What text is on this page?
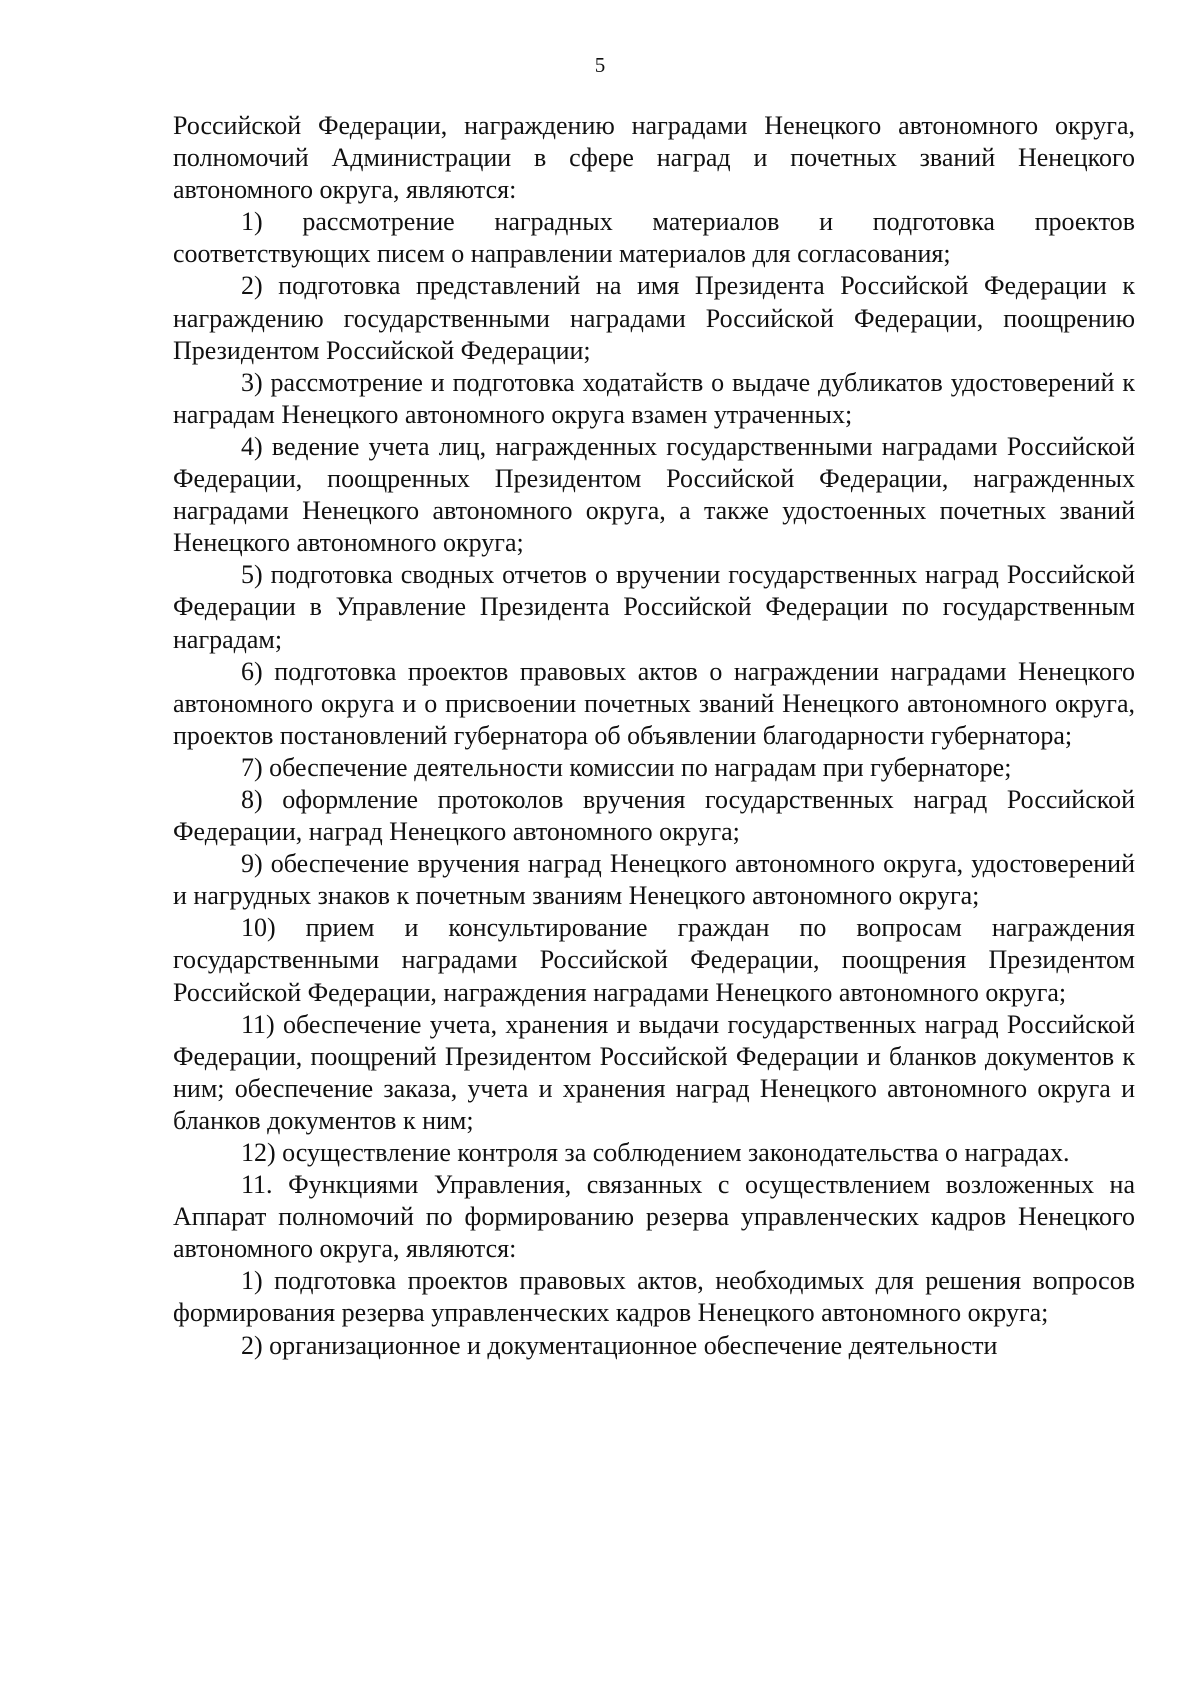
5

Российской Федерации, награждению наградами Ненецкого автономного округа, полномочий Администрации в сфере наград и почетных званий Ненецкого автономного округа, являются:

1) рассмотрение наградных материалов и подготовка проектов соответствующих писем о направлении материалов для согласования;

2) подготовка представлений на имя Президента Российской Федерации к награждению государственными наградами Российской Федерации, поощрению Президентом Российской Федерации;

3) рассмотрение и подготовка ходатайств о выдаче дубликатов удостоверений к наградам Ненецкого автономного округа взамен утраченных;

4) ведение учета лиц, награжденных государственными наградами Российской Федерации, поощренных Президентом Российской Федерации, награжденных наградами Ненецкого автономного округа, а также удостоенных почетных званий Ненецкого автономного округа;

5) подготовка сводных отчетов о вручении государственных наград Российской Федерации в Управление Президента Российской Федерации по государственным наградам;

6) подготовка проектов правовых актов о награждении наградами Ненецкого автономного округа и о присвоении почетных званий Ненецкого автономного округа, проектов постановлений губернатора об объявлении благодарности губернатора;

7) обеспечение деятельности комиссии по наградам при губернаторе;

8) оформление протоколов вручения государственных наград Российской Федерации, наград Ненецкого автономного округа;

9) обеспечение вручения наград Ненецкого автономного округа, удостоверений и нагрудных знаков к почетным званиям Ненецкого автономного округа;

10) прием и консультирование граждан по вопросам награждения государственными наградами Российской Федерации, поощрения Президентом Российской Федерации, награждения наградами Ненецкого автономного округа;

11) обеспечение учета, хранения и выдачи государственных наград Российской Федерации, поощрений Президентом Российской Федерации и бланков документов к ним; обеспечение заказа, учета и хранения наград Ненецкого автономного округа и бланков документов к ним;

12) осуществление контроля за соблюдением законодательства о наградах.

11. Функциями Управления, связанных с осуществлением возложенных на Аппарат полномочий по формированию резерва управленческих кадров Ненецкого автономного округа, являются:

1) подготовка проектов правовых актов, необходимых для решения вопросов формирования резерва управленческих кадров Ненецкого автономного округа;

2) организационное и документационное обеспечение деятельности
